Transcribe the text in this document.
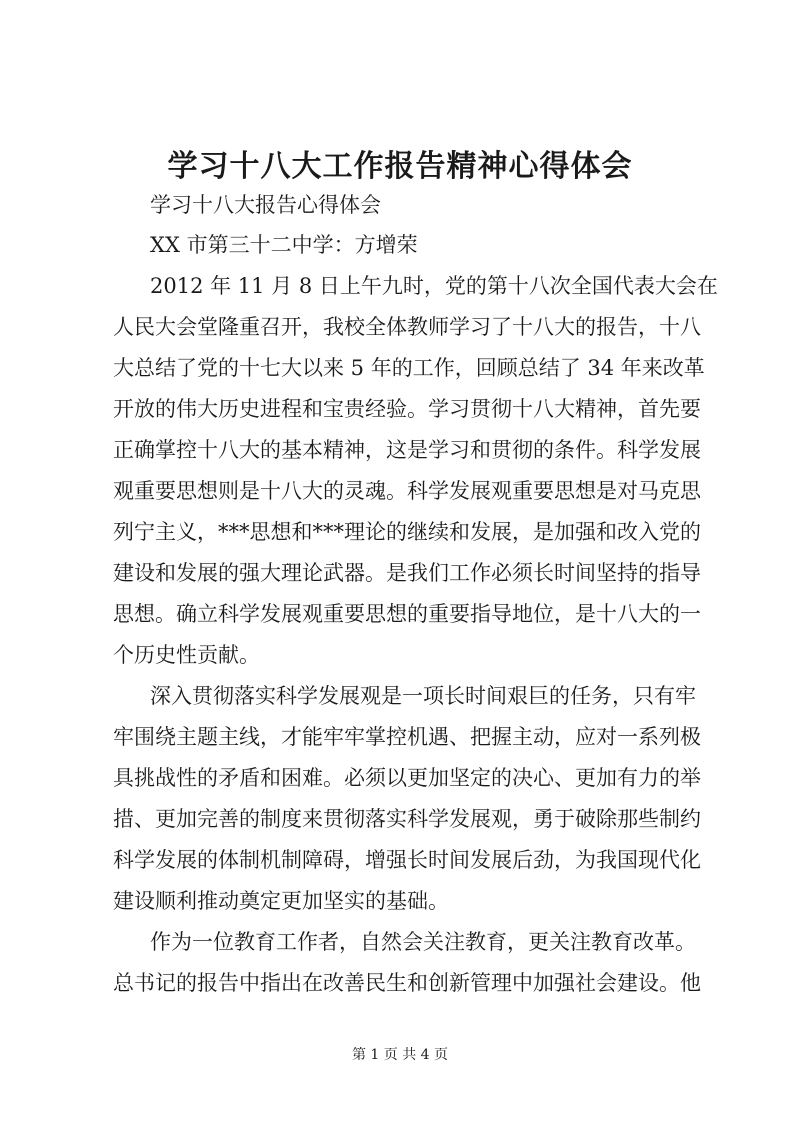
学习十八大工作报告精神心得体会
学习十八大报告心得体会
XX 市第三十二中学：方增荣
2012 年 11 月 8 日上午九时，党的第十八次全国代表大会在
人民大会堂隆重召开，我校全体教师学习了十八大的报告，十八
大总结了党的十七大以来 5 年的工作，回顾总结了 34 年来改革
开放的伟大历史进程和宝贵经验。学习贯彻十八大精神，首先要
正确掌控十八大的基本精神，这是学习和贯彻的条件。科学发展
观重要思想则是十八大的灵魂。科学发展观重要思想是对马克思
列宁主义，***思想和***理论的继续和发展，是加强和改入党的
建设和发展的强大理论武器。是我们工作必须长时间坚持的指导
思想。确立科学发展观重要思想的重要指导地位，是十八大的一
个历史性贡献。
深入贯彻落实科学发展观是一项长时间艰巨的任务，只有牢
牢围绕主题主线，才能牢牢掌控机遇、把握主动，应对一系列极
具挑战性的矛盾和困难。必须以更加坚定的决心、更加有力的举
措、更加完善的制度来贯彻落实科学发展观，勇于破除那些制约
科学发展的体制机制障碍，增强长时间发展后劲，为我国现代化
建设顺利推动奠定更加坚实的基础。
作为一位教育工作者，自然会关注教育，更关注教育改革。
总书记的报告中指出在改善民生和创新管理中加强社会建设。他
第 1 页 共 4 页
